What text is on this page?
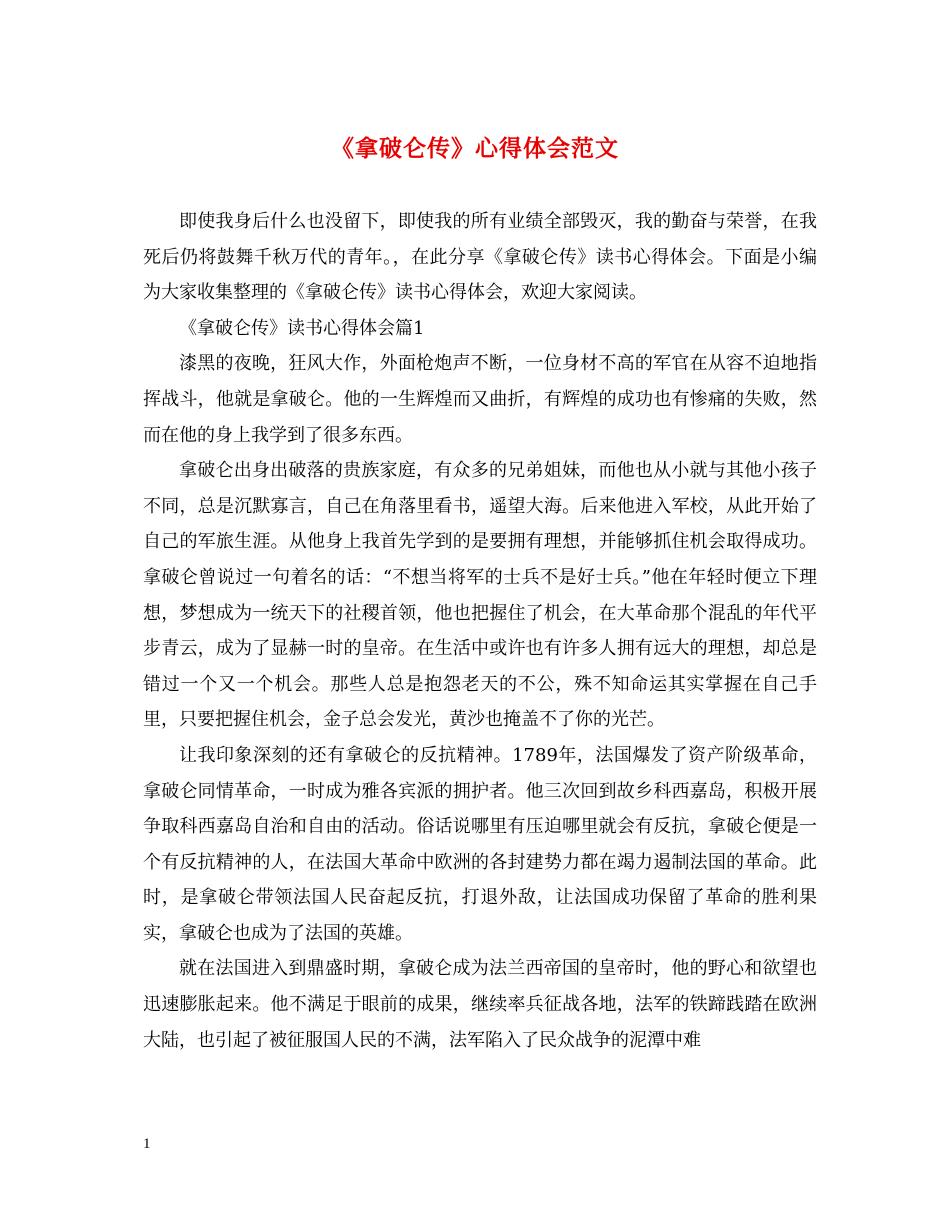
《拿破仑传》心得体会范文

即使我身后什么也没留下，即使我的所有业绩全部毁灭，我的勤奋与荣誉，在我死后仍将鼓舞千秋万代的青年。，在此分享《拿破仑传》读书心得体会。下面是小编为大家收集整理的《拿破仑传》读书心得体会，欢迎大家阅读。

《拿破仑传》读书心得体会篇1

漆黑的夜晚，狂风大作，外面枪炮声不断，一位身材不高的军官在从容不迫地指挥战斗，他就是拿破仑。他的一生辉煌而又曲折，有辉煌的成功也有惨痛的失败，然而在他的身上我学到了很多东西。

拿破仑出身出破落的贵族家庭，有众多的兄弟姐妹，而他也从小就与其他小孩子不同，总是沉默寡言，自己在角落里看书，遥望大海。后来他进入军校，从此开始了自己的军旅生涯。从他身上我首先学到的是要拥有理想，并能够抓住机会取得成功。拿破仑曾说过一句着名的话：“不想当将军的士兵不是好士兵。”他在年轻时便立下理想，梦想成为一统天下的社稷首领，他也把握住了机会，在大革命那个混乱的年代平步青云，成为了显赫一时的皇帝。在生活中或许也有许多人拥有远大的理想，却总是错过一个又一个机会。那些人总是抱怨老天的不公，殊不知命运其实掌握在自己手里，只要把握住机会，金子总会发光，黄沙也掩盖不了你的光芒。

让我印象深刻的还有拿破仑的反抗精神。1789年，法国爆发了资产阶级革命，拿破仑同情革命，一时成为雅各宾派的拥护者。他三次回到故乡科西嘉岛，积极开展争取科西嘉岛自治和自由的活动。俗话说哪里有压迫哪里就会有反抗，拿破仑便是一个有反抗精神的人，在法国大革命中欧洲的各封建势力都在竭力遏制法国的革命。此时，是拿破仑带领法国人民奋起反抗，打退外敌，让法国成功保留了革命的胜利果实，拿破仑也成为了法国的英雄。

就在法国进入到鼎盛时期，拿破仑成为法兰西帝国的皇帝时，他的野心和欲望也迅速膨胀起来。他不满足于眼前的成果，继续率兵征战各地，法军的铁蹄践踏在欧洲大陆，也引起了被征服国人民的不满，法军陷入了民众战争的泥潭中难

1
